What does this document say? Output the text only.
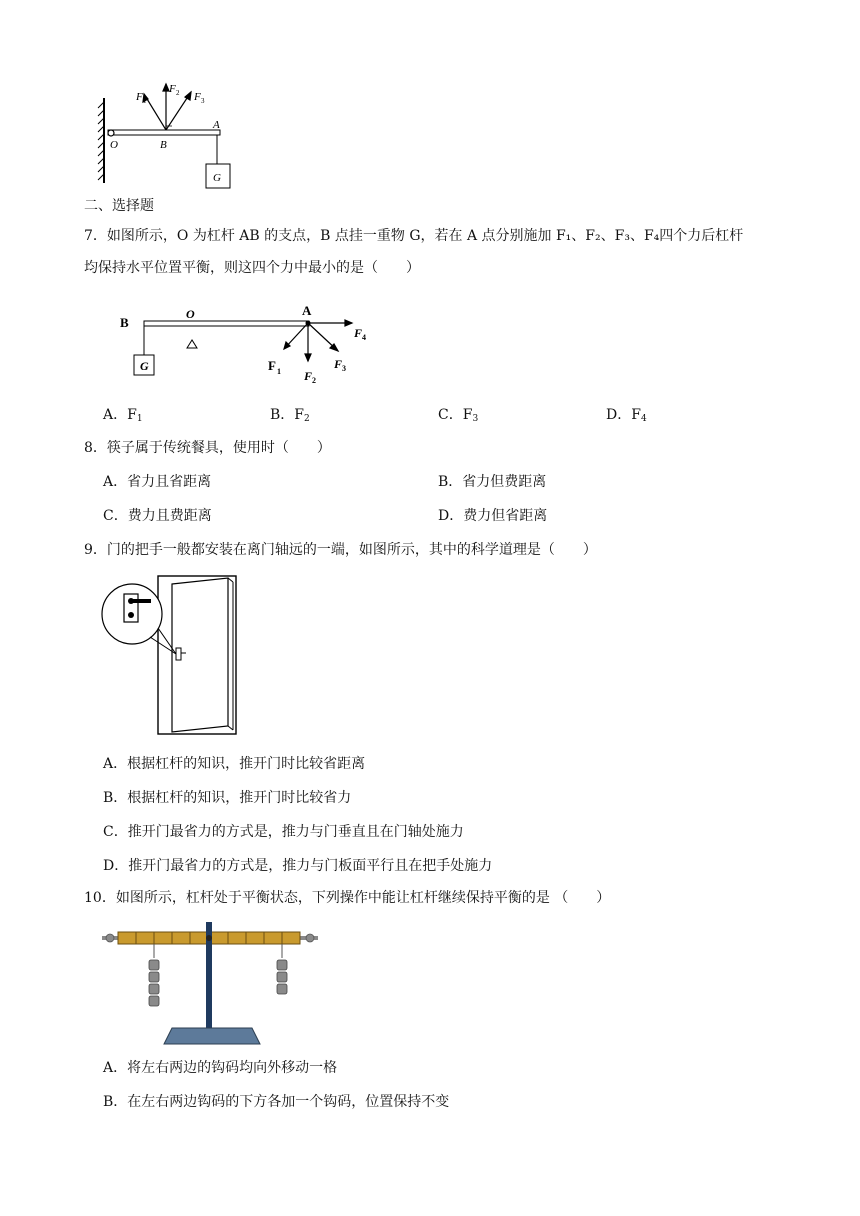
F 1
F 2 F 3
O	B
A
G
二、选择题
7．如图所示，O 为杠杆 AB 的支点，B 点挂一重物 G，若在 A 点分别施加 F₁、F₂、F₃、F₄四个力后杠杆
均保持水平位置平衡，则这四个力中最小的是（　　）
B
O	A
G	F 1 F 2
F 3
F 4
A．$F_1$	B．$F_2$	C．$F_3$	D．$F_4$
8．筷子属于传统餐具，使用时（　　）
A．省力且省距离	B．省力但费距离
C．费力且费距离	D．费力但省距离
9．门的把手一般都安装在离门轴远的一端，如图所示，其中的科学道理是（　　）
A．根据杠杆的知识，推开门时比较省距离
B．根据杠杆的知识，推开门时比较省力
C．推开门最省力的方式是，推力与门垂直且在门轴处施力
D．推开门最省力的方式是，推力与门板面平行且在把手处施力
10．如图所示，杠杆处于平衡状态，下列操作中能让杠杆继续保持平衡的是 （　　）
A．将左右两边的钩码均向外移动一格
B．在左右两边钩码的下方各加一个钩码，位置保持不变
